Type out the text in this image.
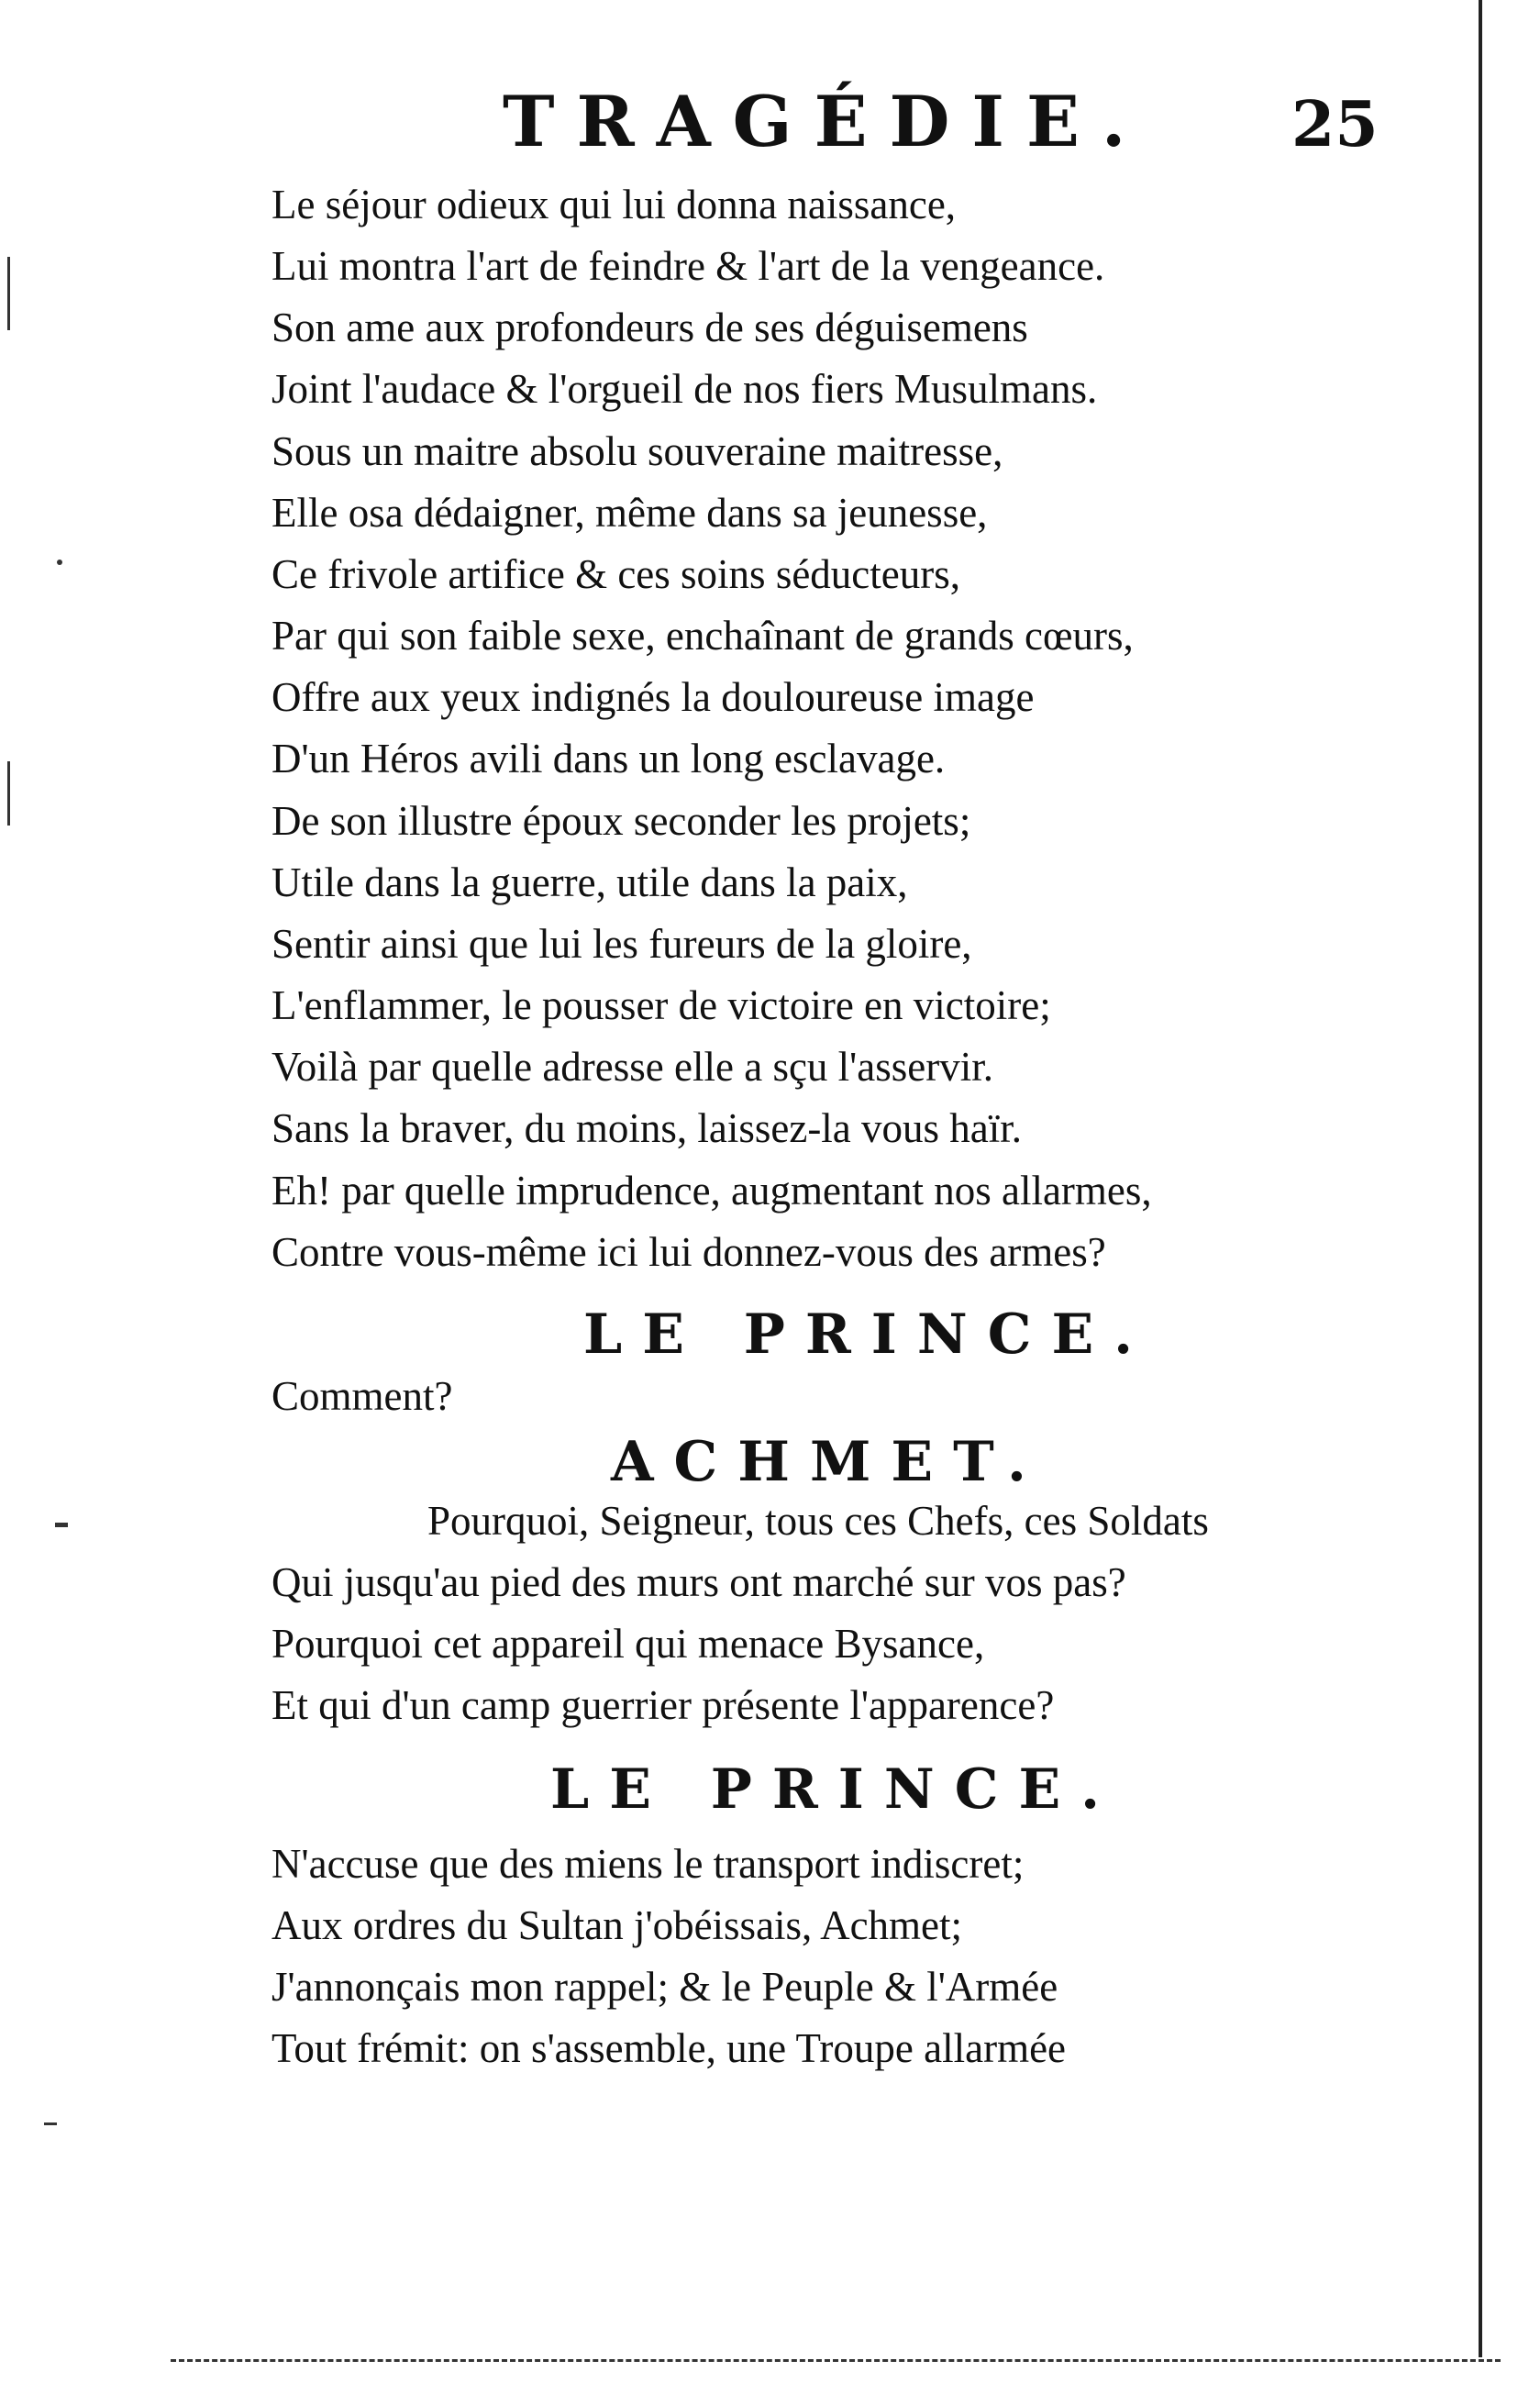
TRAGÉDIE. 25
Le séjour odieux qui lui donna naissance,
Lui montra l'art de feindre & l'art de la vengeance.
Son ame aux profondeurs de ses déguisemens
Joint l'audace & l'orgueil de nos fiers Musulmans.
Sous un maitre absolu souveraine maitresse,
Elle osa dédaigner, même dans sa jeunesse,
Ce frivole artifice & ces soins séducteurs,
Par qui son faible sexe, enchaînant de grands cœurs,
Offre aux yeux indignés la douloureuse image
D'un Héros avili dans un long esclavage.
De son illustre époux seconder les projets;
Utile dans la guerre, utile dans la paix,
Sentir ainsi que lui les fureurs de la gloire,
L'enflammer, le pousser de victoire en victoire;
Voilà par quelle adresse elle a sçu l'asservir.
Sans la braver, du moins, laissez-la vous haïr.
Eh! par quelle imprudence, augmentant nos allarmes,
Contre vous-même ici lui donnez-vous des armes?
LE PRINCE.
Comment?
ACHMET.
Pourquoi, Seigneur, tous ces Chefs, ces Soldats
Qui jusqu'au pied des murs ont marché sur vos pas?
Pourquoi cet appareil qui menace Bysance,
Et qui d'un camp guerrier présente l'apparence?
LE PRINCE.
N'accuse que des miens le transport indiscret;
Aux ordres du Sultan j'obéissais, Achmet;
J'annonçais mon rappel; & le Peuple & l'Armée
Tout frémit: on s'assemble, une Troupe allarmée
